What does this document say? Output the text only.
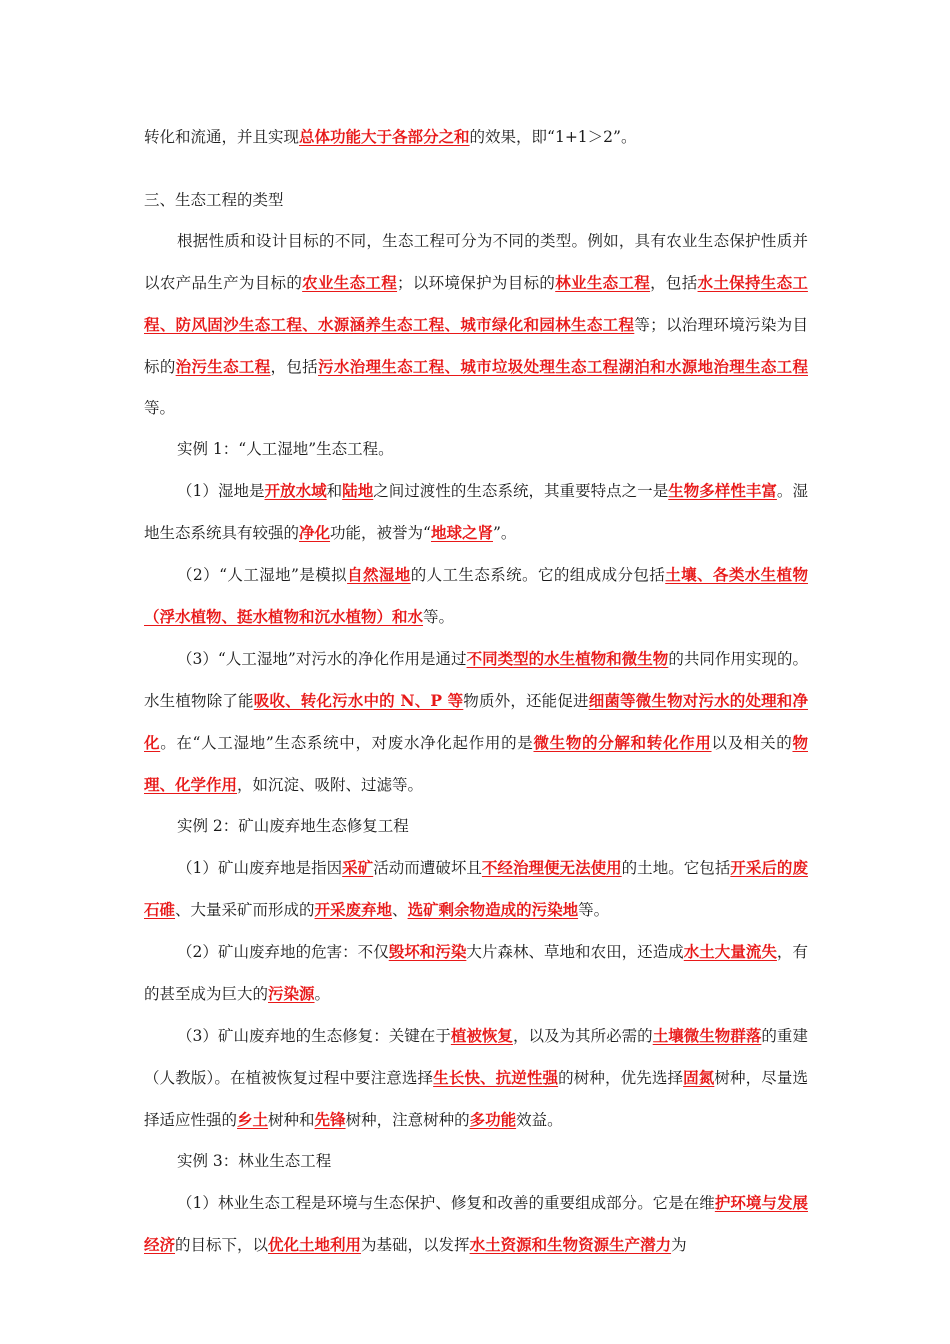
转化和流通，并且实现总体功能大于各部分之和的效果，即“1+1＞2”。

三、生态工程的类型

根据性质和设计目标的不同，生态工程可分为不同的类型。例如，具有农业生态保护性质并以农产品生产为目标的农业生态工程；以环境保护为目标的林业生态工程，包括水土保持生态工程、防风固沙生态工程、水源涵养生态工程、城市绿化和园林生态工程等；以治理环境污染为目标的治污生态工程，包括污水治理生态工程、城市垃圾处理生态工程湖泊和水源地治理生态工程等。

实例 1：“人工湿地”生态工程。

（1）湿地是开放水域和陆地之间过渡性的生态系统，其重要特点之一是生物多样性丰富。湿地生态系统具有较强的净化功能，被誉为“地球之肾”。

（2）“人工湿地”是模拟自然湿地的人工生态系统。它的组成成分包括土壤、各类水生植物（浮水植物、挺水植物和沉水植物）和水等。

（3）“人工湿地”对污水的净化作用是通过不同类型的水生植物和微生物的共同作用实现的。水生植物除了能吸收、转化污水中的 N、P 等物质外，还能促进细菌等微生物对污水的处理和净化。在“人工湿地”生态系统中，对废水净化起作用的是微生物的分解和转化作用以及相关的物理、化学作用，如沉淀、吸附、过滤等。

实例 2：矿山废弃地生态修复工程

（1）矿山废弃地是指因采矿活动而遭破坏且不经治理便无法使用的土地。它包括开采后的废石碓、大量采矿而形成的开采废弃地、选矿剩余物造成的污染地等。

（2）矿山废弃地的危害：不仅毁坏和污染大片森林、草地和农田，还造成水土大量流失，有的甚至成为巨大的污染源。

（3）矿山废弃地的生态修复：关键在于植被恢复，以及为其所必需的土壤微生物群落的重建（人教版）。在植被恢复过程中要注意选择生长快、抗逆性强的树种，优先选择固氮树种，尽量选择适应性强的乡土树种和先锋树种，注意树种的多功能效益。

实例 3：林业生态工程

（1）林业生态工程是环境与生态保护、修复和改善的重要组成部分。它是在维护环境与发展经济的目标下，以优化土地利用为基础，以发挥水土资源和生物资源生产潜力为
